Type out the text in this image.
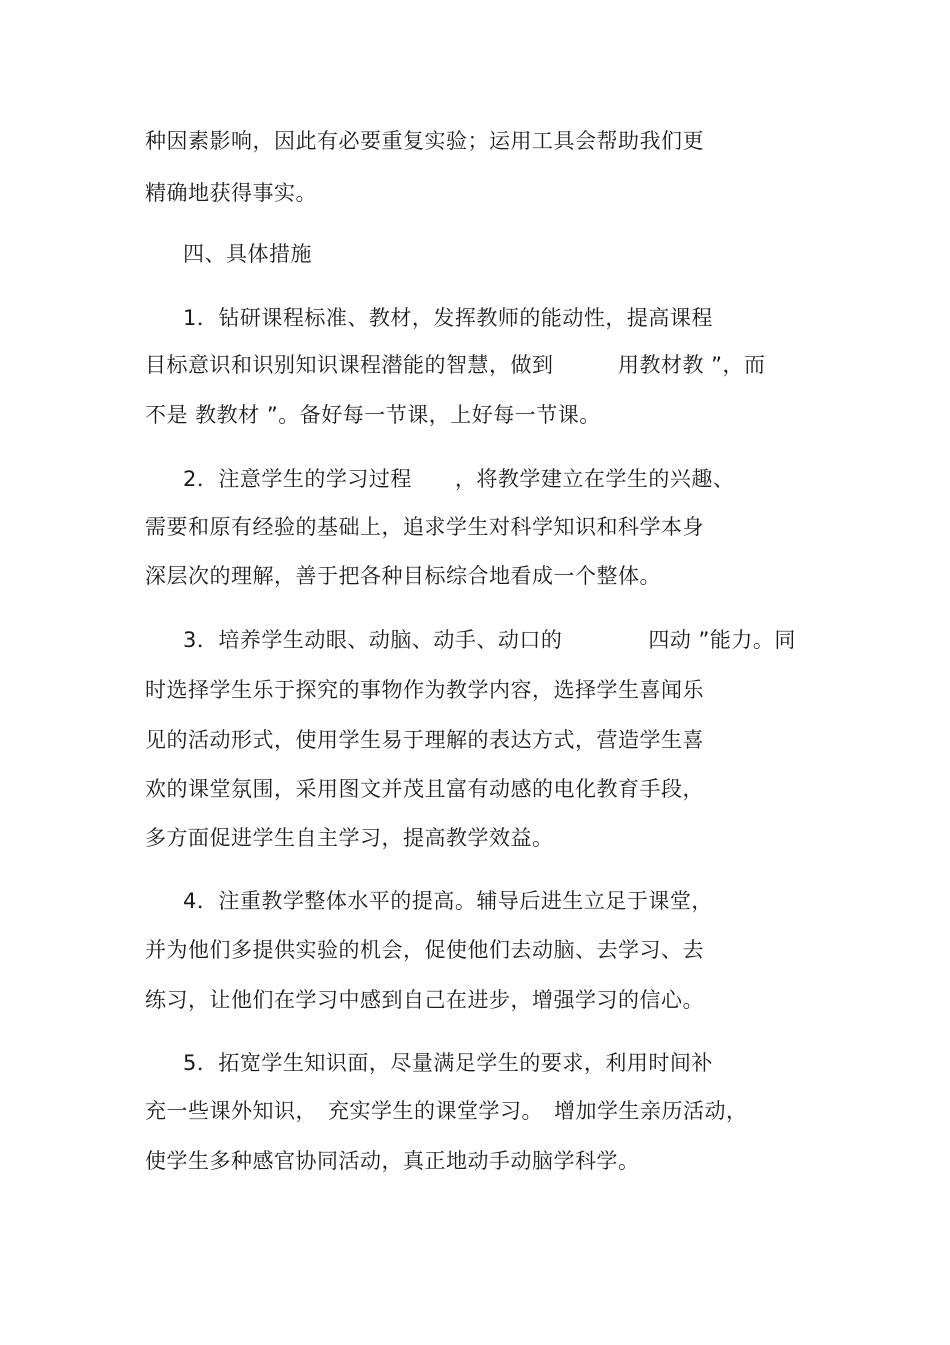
种因素影响，因此有必要重复实验；运用工具会帮助我们更

精确地获得事实。

四、具体措施

1．钻研课程标准、教材，发挥教师的能动性，提高课程

目标意识和识别知识课程潜能的智慧，做到　　　用教材教 ”，而

不是 教教材 ”。备好每一节课，上好每一节课。

2．注意学生的学习过程　　，将教学建立在学生的兴趣、

需要和原有经验的基础上，追求学生对科学知识和科学本身

深层次的理解，善于把各种目标综合地看成一个整体。

3．培养学生动眼、动脑、动手、动口的　　　　四动 ”能力。同

时选择学生乐于探究的事物作为教学内容，选择学生喜闻乐

见的活动形式，使用学生易于理解的表达方式，营造学生喜

欢的课堂氛围，采用图文并茂且富有动感的电化教育手段，

多方面促进学生自主学习，提高教学效益。

4．注重教学整体水平的提高。辅导后进生立足于课堂，

并为他们多提供实验的机会，促使他们去动脑、去学习、去

练习，让他们在学习中感到自己在进步，增强学习的信心。

5．拓宽学生知识面，尽量满足学生的要求，利用时间补

充一些课外知识，　充实学生的课堂学习。　增加学生亲历活动，

使学生多种感官协同活动，真正地动手动脑学科学。
